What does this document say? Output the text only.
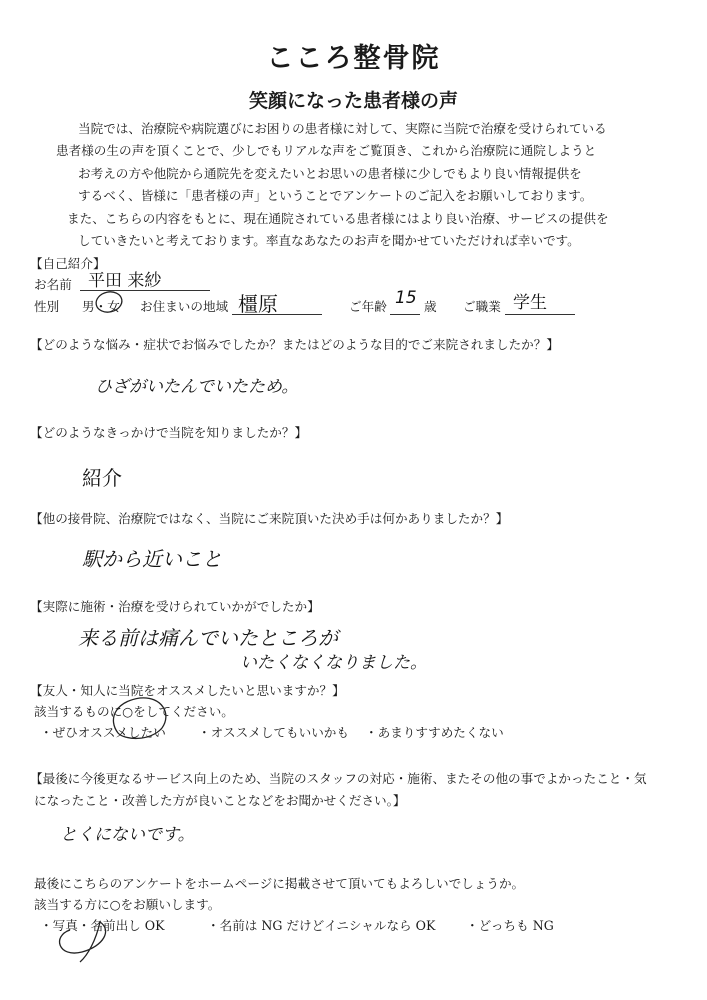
こころ整骨院
笑顔になった患者様の声
当院では、治療院や病院選びにお困りの患者様に対して、実際に当院で治療を受けられている
患者様の生の声を頂くことで、少しでもリアルな声をご覧頂き、これから治療院に通院しようと
お考えの方や他院から通院先を変えたいとお思いの患者様に少しでもより良い情報提供を
するべく、皆様に「患者様の声」ということでアンケートのご記入をお願いしております。
また、こちらの内容をもとに、現在通院されている患者様にはより良い治療、サービスの提供を
していきたいと考えております。率直なあなたのお声を聞かせていただければ幸いです。
【自己紹介】
お名前 平田 来紗
性別 男・女 お住まいの地域 橿原	ご年齢 15 歳 ご職業 学生
【どのような悩み・症状でお悩みでしたか？またはどのような目的でご来院されましたか？】
ひざがいたんでいたため。
【どのようなきっかけで当院を知りましたか？】
紹介
【他の接骨院、治療院ではなく、当院にご来院頂いた決め手は何かありましたか？】
駅から近いこと
【実際に施術・治療を受けられていかがでしたか】
来る前は痛んでいたところが
いたくなくなりました。
【友人・知人に当院をオススメしたいと思いますか？】
該当するものに○をしてください。
・ぜひオススメしたい	・オススメしてもいいかも ・あまりすすめたくない
【最後に今後更なるサービス向上のため、当院のスタッフの対応・施術、またその他の事でよかったこと・気
になったこと・改善した方が良いことなどをお聞かせください。】
とくにないです。
最後にこちらのアンケートをホームページに掲載させて頂いてもよろしいでしょうか。
該当する方に○をお願いします。
・写真・名前出し OK	・名前は NG だけどイニシャルなら OK ・どっちも NG
